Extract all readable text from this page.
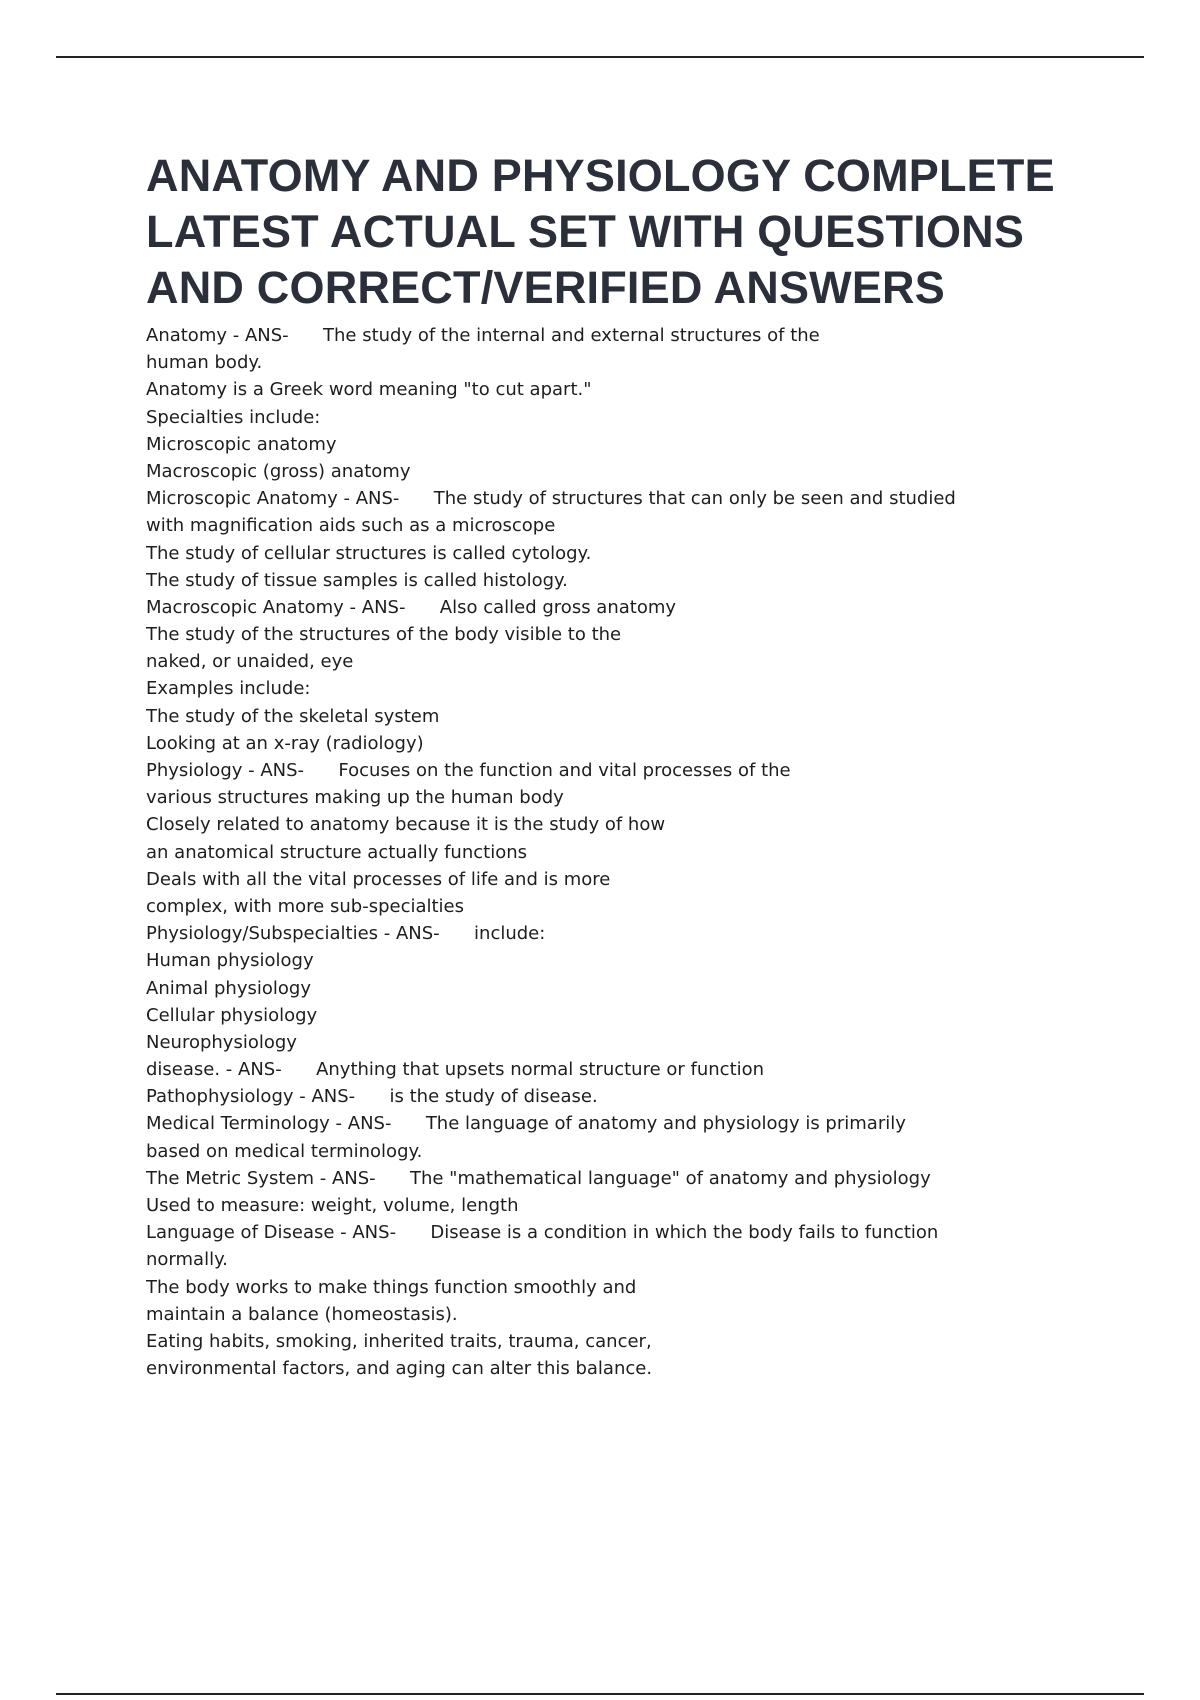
ANATOMY AND PHYSIOLOGY COMPLETE LATEST ACTUAL SET WITH QUESTIONS AND CORRECT/VERIFIED ANSWERS
Anatomy - ANS- The study of the internal and external structures of the
human body.
Anatomy is a Greek word meaning "to cut apart."
Specialties include:
Microscopic anatomy
Macroscopic (gross) anatomy
Microscopic Anatomy - ANS- The study of structures that can only be seen and studied
with magnification aids such as a microscope
The study of cellular structures is called cytology.
The study of tissue samples is called histology.
Macroscopic Anatomy - ANS- Also called gross anatomy
The study of the structures of the body visible to the
naked, or unaided, eye
Examples include:
The study of the skeletal system
Looking at an x-ray (radiology)
Physiology - ANS- Focuses on the function and vital processes of the
various structures making up the human body
Closely related to anatomy because it is the study of how
an anatomical structure actually functions
Deals with all the vital processes of life and is more
complex, with more sub-specialties
Physiology/Subspecialties - ANS- include:
Human physiology
Animal physiology
Cellular physiology
Neurophysiology
disease. - ANS- Anything that upsets normal structure or function
Pathophysiology - ANS- is the study of disease.
Medical Terminology - ANS- The language of anatomy and physiology is primarily
based on medical terminology.
The Metric System - ANS- The "mathematical language" of anatomy and physiology
Used to measure: weight, volume, length
Language of Disease - ANS- Disease is a condition in which the body fails to function
normally.
The body works to make things function smoothly and
maintain a balance (homeostasis).
Eating habits, smoking, inherited traits, trauma, cancer,
environmental factors, and aging can alter this balance.
